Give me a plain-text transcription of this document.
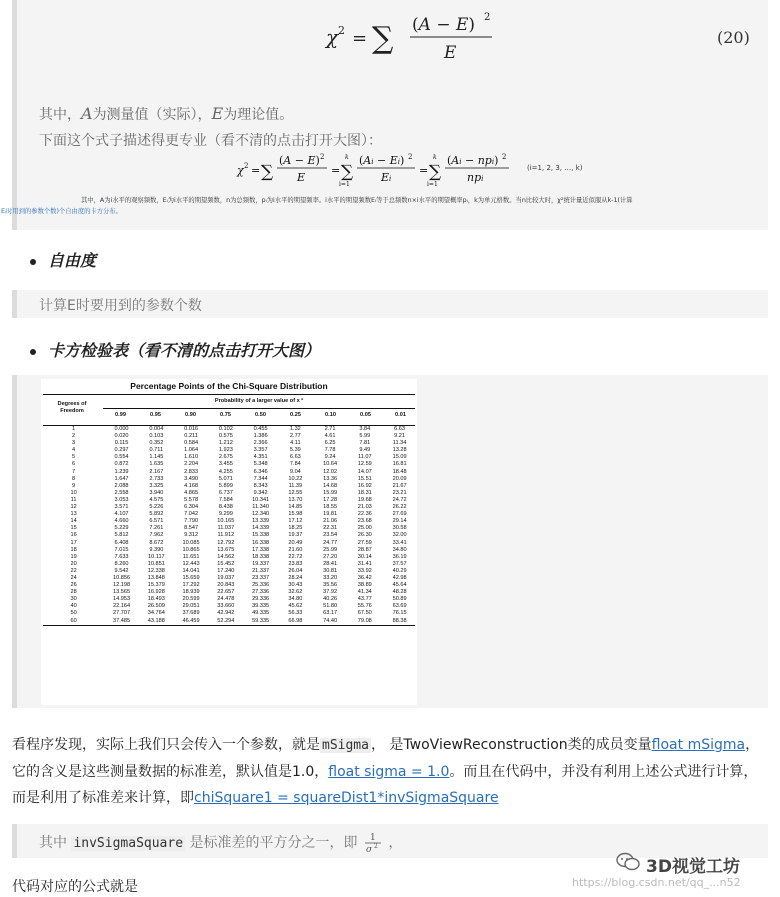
χ 2 = ∑ (A − E) 2
E
(20)
其中，A为测量值（实际），E为理论值。
下面这个式子描述得更专业（看不清的点击打开大图）：
χ 2 = ∑
(A − E) 2
E
= ∑
k
i=1
(Ai − Ei) 2
Ei
= ∑
k
i=1
(Ai − npi) 2
npi
(i=1, 2, 3, …, k)
其中，A为i水平的观察频数，Eᵢ为i水平的期望频数，n为总频数，pᵢ为i水平的期望频率。i水平的期望频数Eᵢ等于总频数n×i水平的期望概率pᵢ，k为单元格数。当n比较大时，χ²统计量近似服从k-1(计算
Eᵢ时用到的参数个数)个自由度的卡方分布。
自由度
计算E时要用到的参数个数
卡方检验表（看不清的点击打开大图）
Percentage Points of the Chi-Square Distribution
Degrees of
Freedom
Probability of a larger value of x ²
0.99	0.95	0.90	0.75	0.50	0.25	0.10	0.05	0.01
1	0.000	0.004	0.016	0.102	0.455	1.32	2.71	3.84	6.63
2	0.020	0.103	0.211	0.575	1.386	2.77	4.61	5.99	9.21
3	0.115	0.352	0.584	1.212	2.366	4.11	6.25	7.81	11.34
4	0.297	0.711	1.064	1.923	3.357	5.39	7.78	9.49	13.28
5	0.554	1.145	1.610	2.675	4.351	6.63	9.24	11.07	15.09
6	0.872	1.635	2.204	3.455	5.348	7.84	10.64	12.59	16.81
7	1.239	2.167	2.833	4.255	6.346	9.04	12.02	14.07	18.48
8	1.647	2.733	3.490	5.071	7.344	10.22	13.36	15.51	20.09
9	2.088	3.325	4.168	5.899	8.343	11.39	14.68	16.92	21.67
10	2.558	3.940	4.865	6.737	9.342	12.55	15.99	18.31	23.21
11	3.053	4.575	5.578	7.584	10.341	13.70	17.28	19.68	24.72
12	3.571	5.226	6.304	8.438	11.340	14.85	18.55	21.03	26.22
13	4.107	5.892	7.042	9.299	12.340	15.98	19.81	22.36	27.69
14	4.660	6.571	7.790	10.165	13.339	17.12	21.06	23.68	29.14
15	5.229	7.261	8.547	11.037	14.339	18.25	22.31	25.00	30.58
16	5.812	7.962	9.312	11.912	15.338	19.37	23.54	26.30	32.00
17	6.408	8.672	10.085	12.792	16.338	20.49	24.77	27.59	33.41
18	7.015	9.390	10.865	13.675	17.338	21.60	25.99	28.87	34.80
19	7.633	10.117	11.651	14.562	18.338	22.72	27.20	30.14	36.19
20	8.260	10.851	12.443	15.452	19.337	23.83	28.41	31.41	37.57
22	9.542	12.338	14.041	17.240	21.337	26.04	30.81	33.92	40.29
24	10.856	13.848	15.659	19.037	23.337	28.24	33.20	36.42	42.98
26	12.198	15.379	17.292	20.843	25.336	30.43	35.56	38.89	45.64
28	13.565	16.928	18.939	22.657	27.336	32.62	37.92	41.34	48.28
30	14.953	18.493	20.599	24.478	29.336	34.80	40.26	43.77	50.89
40	22.164	26.509	29.051	33.660	39.335	45.62	51.80	55.76	63.69
50	27.707	34.764	37.689	42.942	49.335	56.33	63.17	67.50	76.15
60	37.485	43.188	46.459	52.294	59.335	66.98	74.40	79.08	88.38
看程序发现，实际上我们只会传入一个参数，就是 mSigma ， 是TwoViewReconstruction类的成员变量float mSigma，它的含义是这些测量数据的标准差，默认值是1.0，float sigma = 1.0。而且在代码中，并没有利用上述公式进行计算，而是利用了标准差来计算，即chiSquare1 = squareDist1*invSigmaSquare
其中 invSigmaSquare 是标准差的平方分之一，即 1
σ 2 ，
3D视觉工坊
https://blog.csdn.net/qq_...n52
代码对应的公式就是
